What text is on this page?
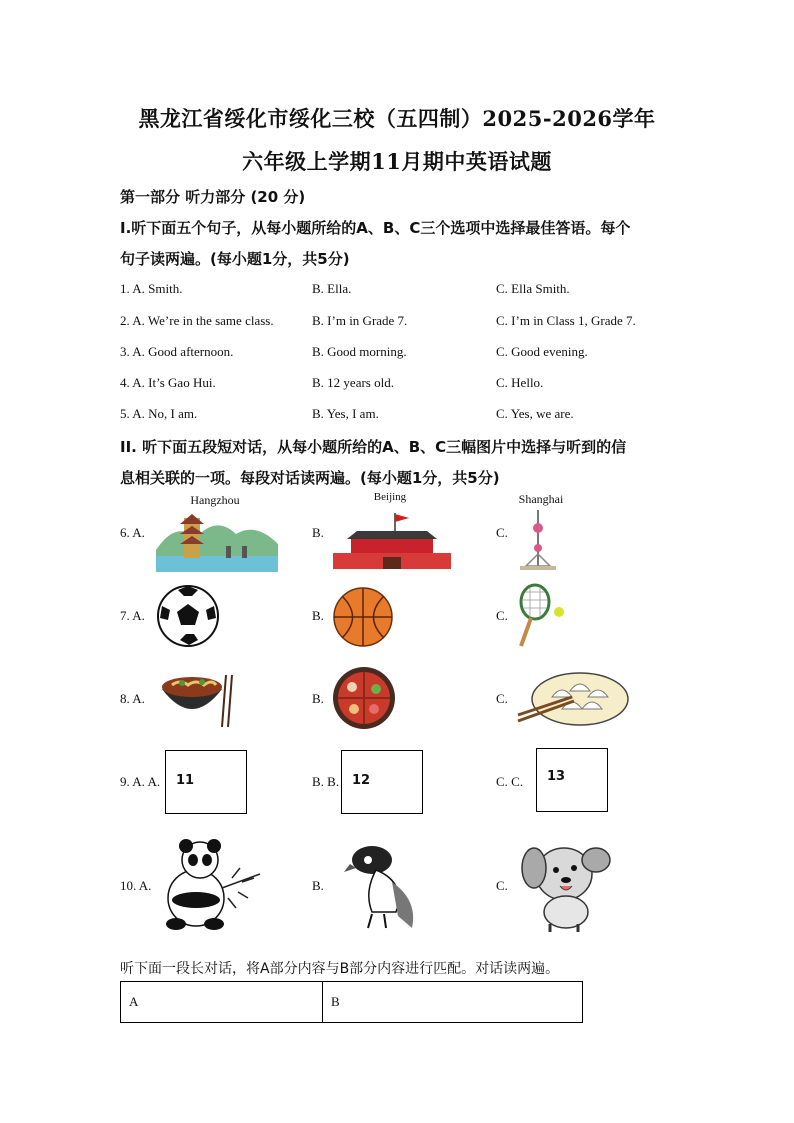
黑龙江省绥化市绥化三校（五四制）2025-2026学年
六年级上学期11月期中英语试题
第一部分 听力部分 (20 分)
I.听下面五个句子，从每小题所给的A、B、C三个选项中选择最佳答语。每个
句子读两遍。(每小题1分，共5分)
1. A. Smith.	B. Ella.	C. Ella Smith.
2. A. We’re in the same class.	B. I’m in Grade 7.	C. I’m in Class 1, Grade 7.
3. A. Good afternoon.	B. Good morning.	C. Good evening.
4. A. It’s Gao Hui.	B. 12 years old.	C. Hello.
5. A. No, I am.	B. Yes, I am.	C. Yes, we are.
II. 听下面五段短对话，从每小题所给的A、B、C三幅图片中选择与听到的信
息相关联的一项。每段对话读两遍。(每小题1分，共5分)
Hangzhou	Beijing	Shanghai
6. A.	B.	C.
7. A.	B.	C.
8. A.	B.	C.
9. A. A.	B. B.	C. C.
11	12	13
10. A.	B.	C.
听下面一段长对话，将A部分内容与B部分内容进行匹配。对话读两遍。
A	B
